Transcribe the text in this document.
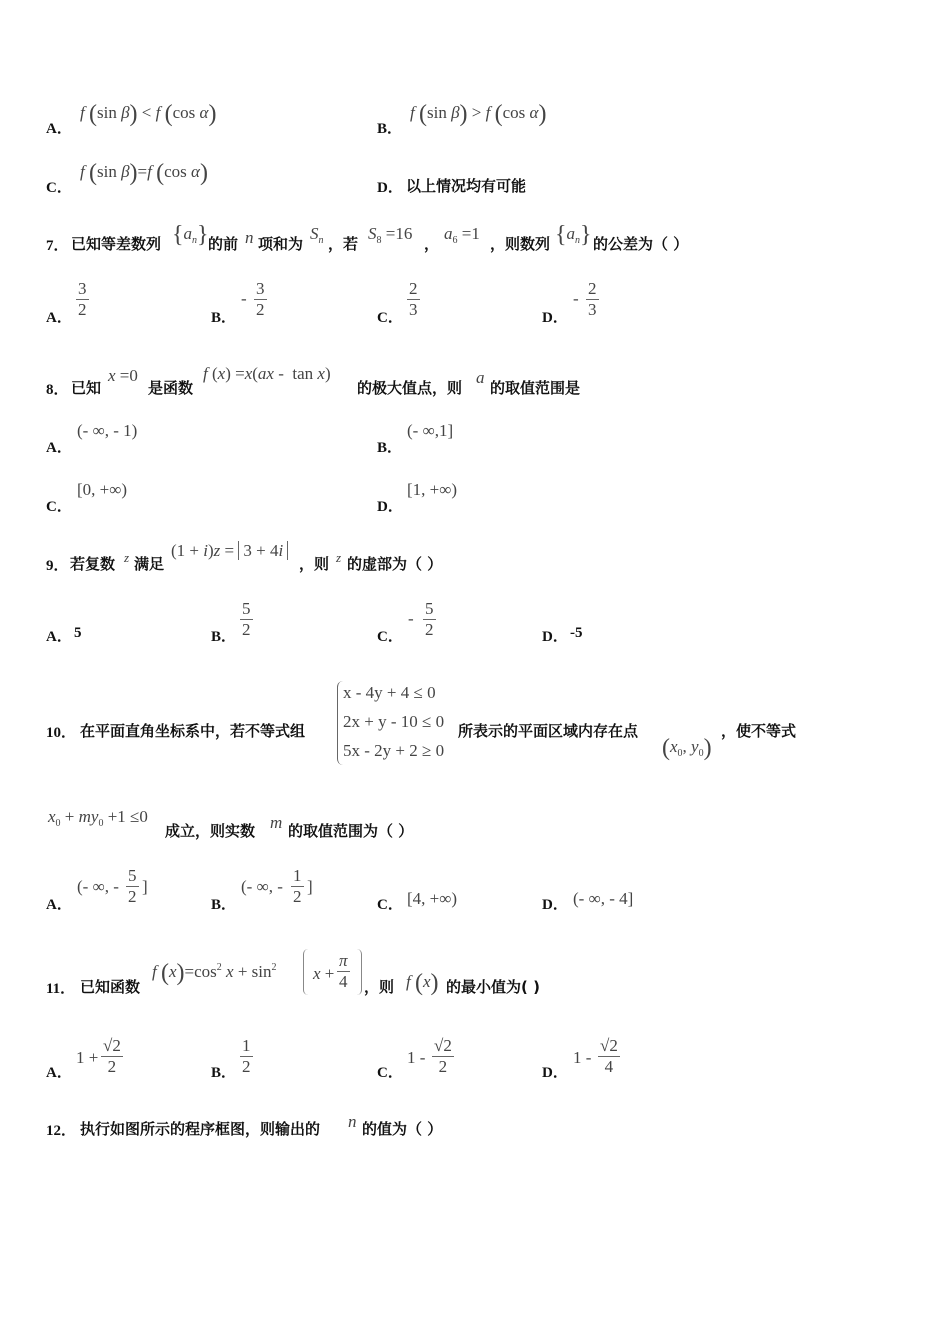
A．
f (sin β) < f (cos α)
B．
f (sin β) > f (cos α)
C．
f (sin β)=f (cos α)
D． 以上情况均有可能
7． 已知等差数列 $\{a_n\}$ 的前 n 项和为
$S_n$ ，若
$S_8 =16$
，
$a_6 =1$
，则数列 $\{a_n\}$ 的公差为（ ）
A． $\frac{3}{2}$	B．
- $\frac{3}{2}$	C． $\frac{2}{3}$	D．
- $\frac{2}{3}$
8． 已知
x =0
是函数
f (x) =x(ax -  tan x)
的极大值点，则
a
的取值范围是
A．
(- ∞, - 1)
B．
(- ∞,1]
C．
[0, +∞)
D．
[1, +∞)
9． 若复数 z 满足
(1 + i)z = 3 + 4i
，则 z 的虚部为（ ）
A． 5	B． $\frac{5}{2}$	C．
- $\frac{5}{2}$	D． -5
10． 在平面直角坐标系中，若不等式组
x - 4y + 4 ≤ 0
2x + y - 10 ≤ 0
5x - 2y + 2 ≥ 0
所表示的平面区域内存在点
($x_0$, $y_0$)
，使不等式
$x_0 + my_0 +1 \le 0$
成立，则实数 m 的取值范围为（ ）
A．
(- ∞, - $\frac{5}{2}$ ]
B．
(- ∞, - $\frac{1}{2}$ ]
C． [4, +∞)	D． (- ∞, - 4]
11． 已知函数
f $(x)=\cos^2$ $x + \sin^2 x + \frac{\pi}{4}$ ，则 f (x) 的最小值为( )
A．
$1 + \frac{√2}{2}$	B． $\frac{1}{2}$	C．
$1 - \frac{√2}{2}$	D．
$1 - \frac{√2}{4}$
12． 执行如图所示的程序框图，则输出的 n 的值为（ ）
